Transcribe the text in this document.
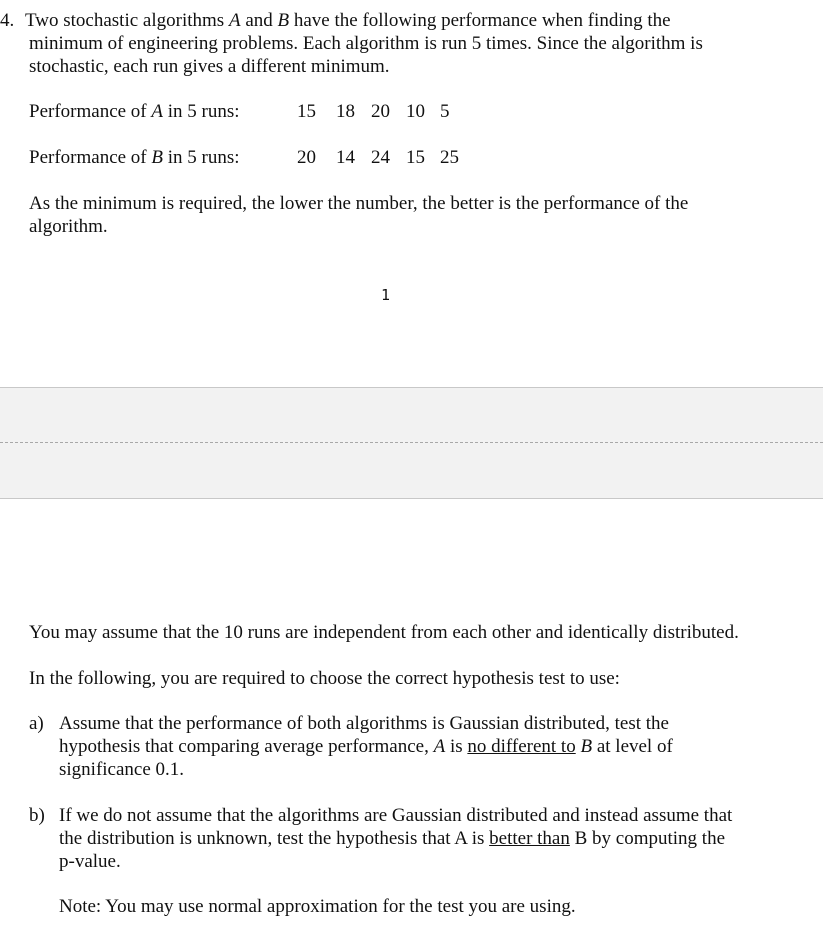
4. Two stochastic algorithms A and B have the following performance when finding the
minimum of engineering problems. Each algorithm is run 5 times. Since the algorithm is
stochastic, each run gives a different minimum.
Performance of A in 5 runs:	15 18 20 10 5
Performance of B in 5 runs:	20 14 24 15 25
As the minimum is required, the lower the number, the better is the performance of the
algorithm.
1
You may assume that the 10 runs are independent from each other and identically distributed.
In the following, you are required to choose the correct hypothesis test to use:
a) Assume that the performance of both algorithms is Gaussian distributed, test the
hypothesis that comparing average performance, A is no different to B at level of
significance 0.1.
b) If we do not assume that the algorithms are Gaussian distributed and instead assume that
the distribution is unknown, test the hypothesis that A is better than B by computing the
p-value.
Note: You may use normal approximation for the test you are using.
